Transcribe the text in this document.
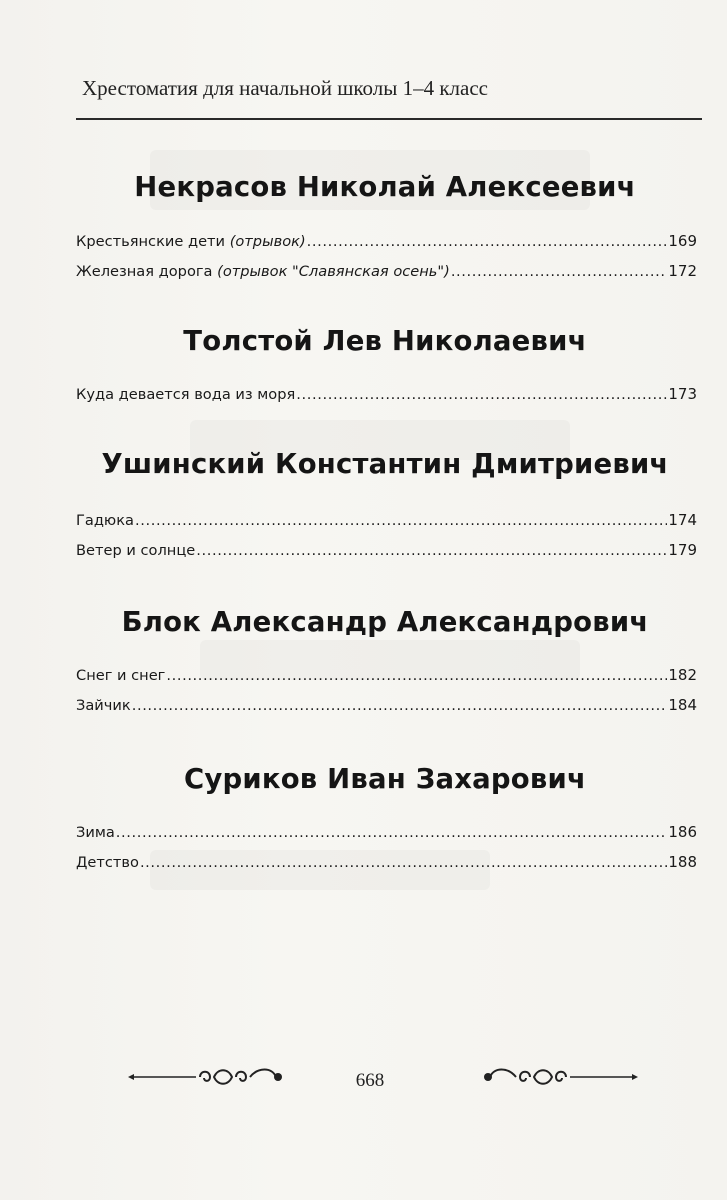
Хрестоматия для начальной школы 1–4 класс
Некрасов Николай Алексеевич
Крестьянские дети (отрывок) .....	169
Железная дорога (отрывок "Славянская осень") .....	172
Толстой Лев Николаевич
Куда девается вода из моря .....	173
Ушинский Константин Дмитриевич
Гадюка .....	174
Ветер и солнце .....	179
Блок Александр Александрович
Снег и снег .....	182
Зайчик .....	184
Суриков Иван Захарович
Зима .....	186
Детство .....	188
668
